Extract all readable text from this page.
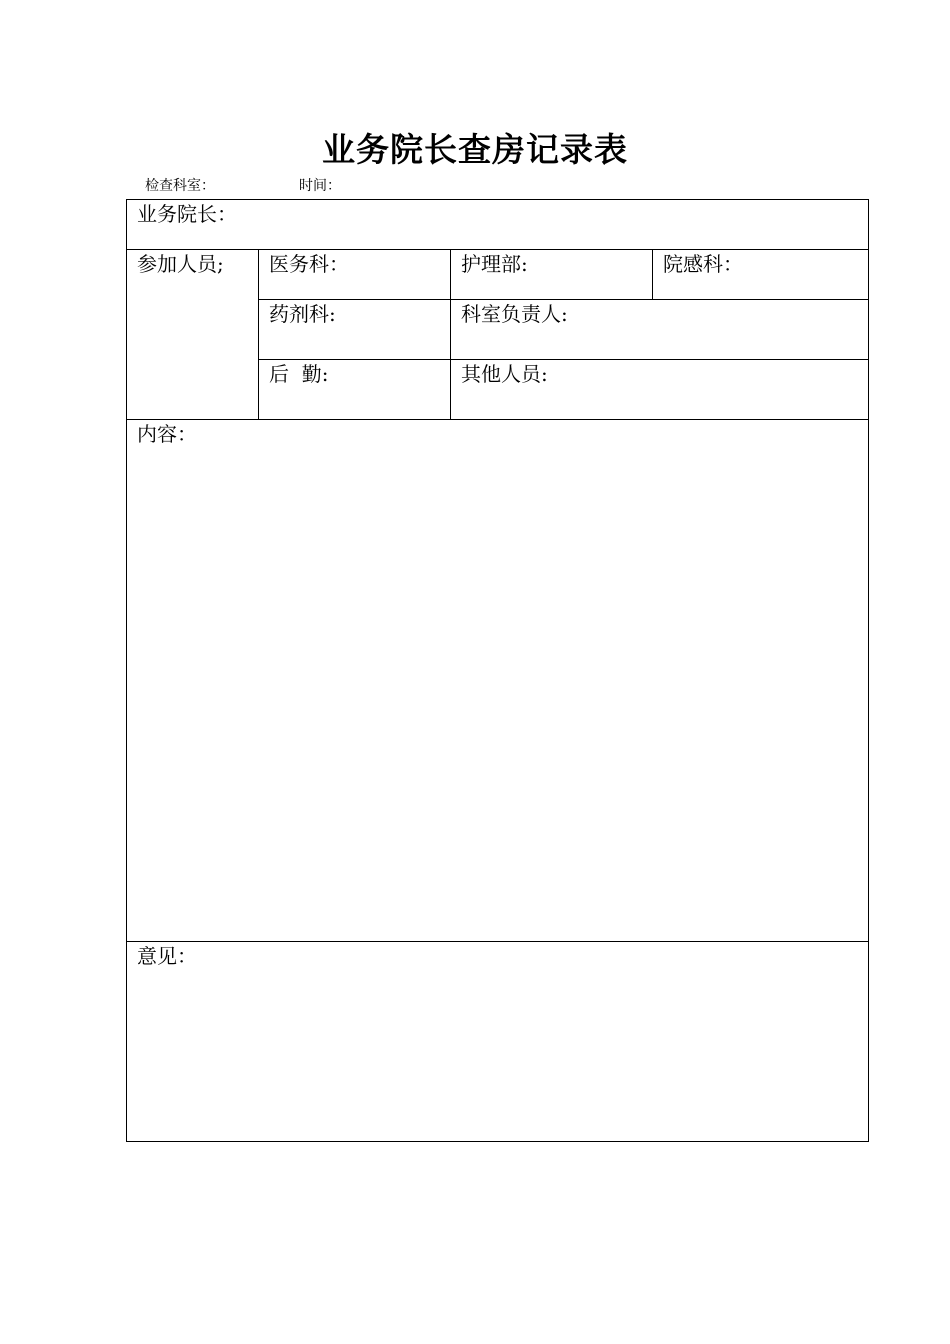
业务院长查房记录表
检查科室：	时间：
业务院长：			

参加人员;	医务科：	护理部:	院感科：

	药剂科:	科室负责人:	

	后  勤:	其他人员:	

内容：			

意见：			
